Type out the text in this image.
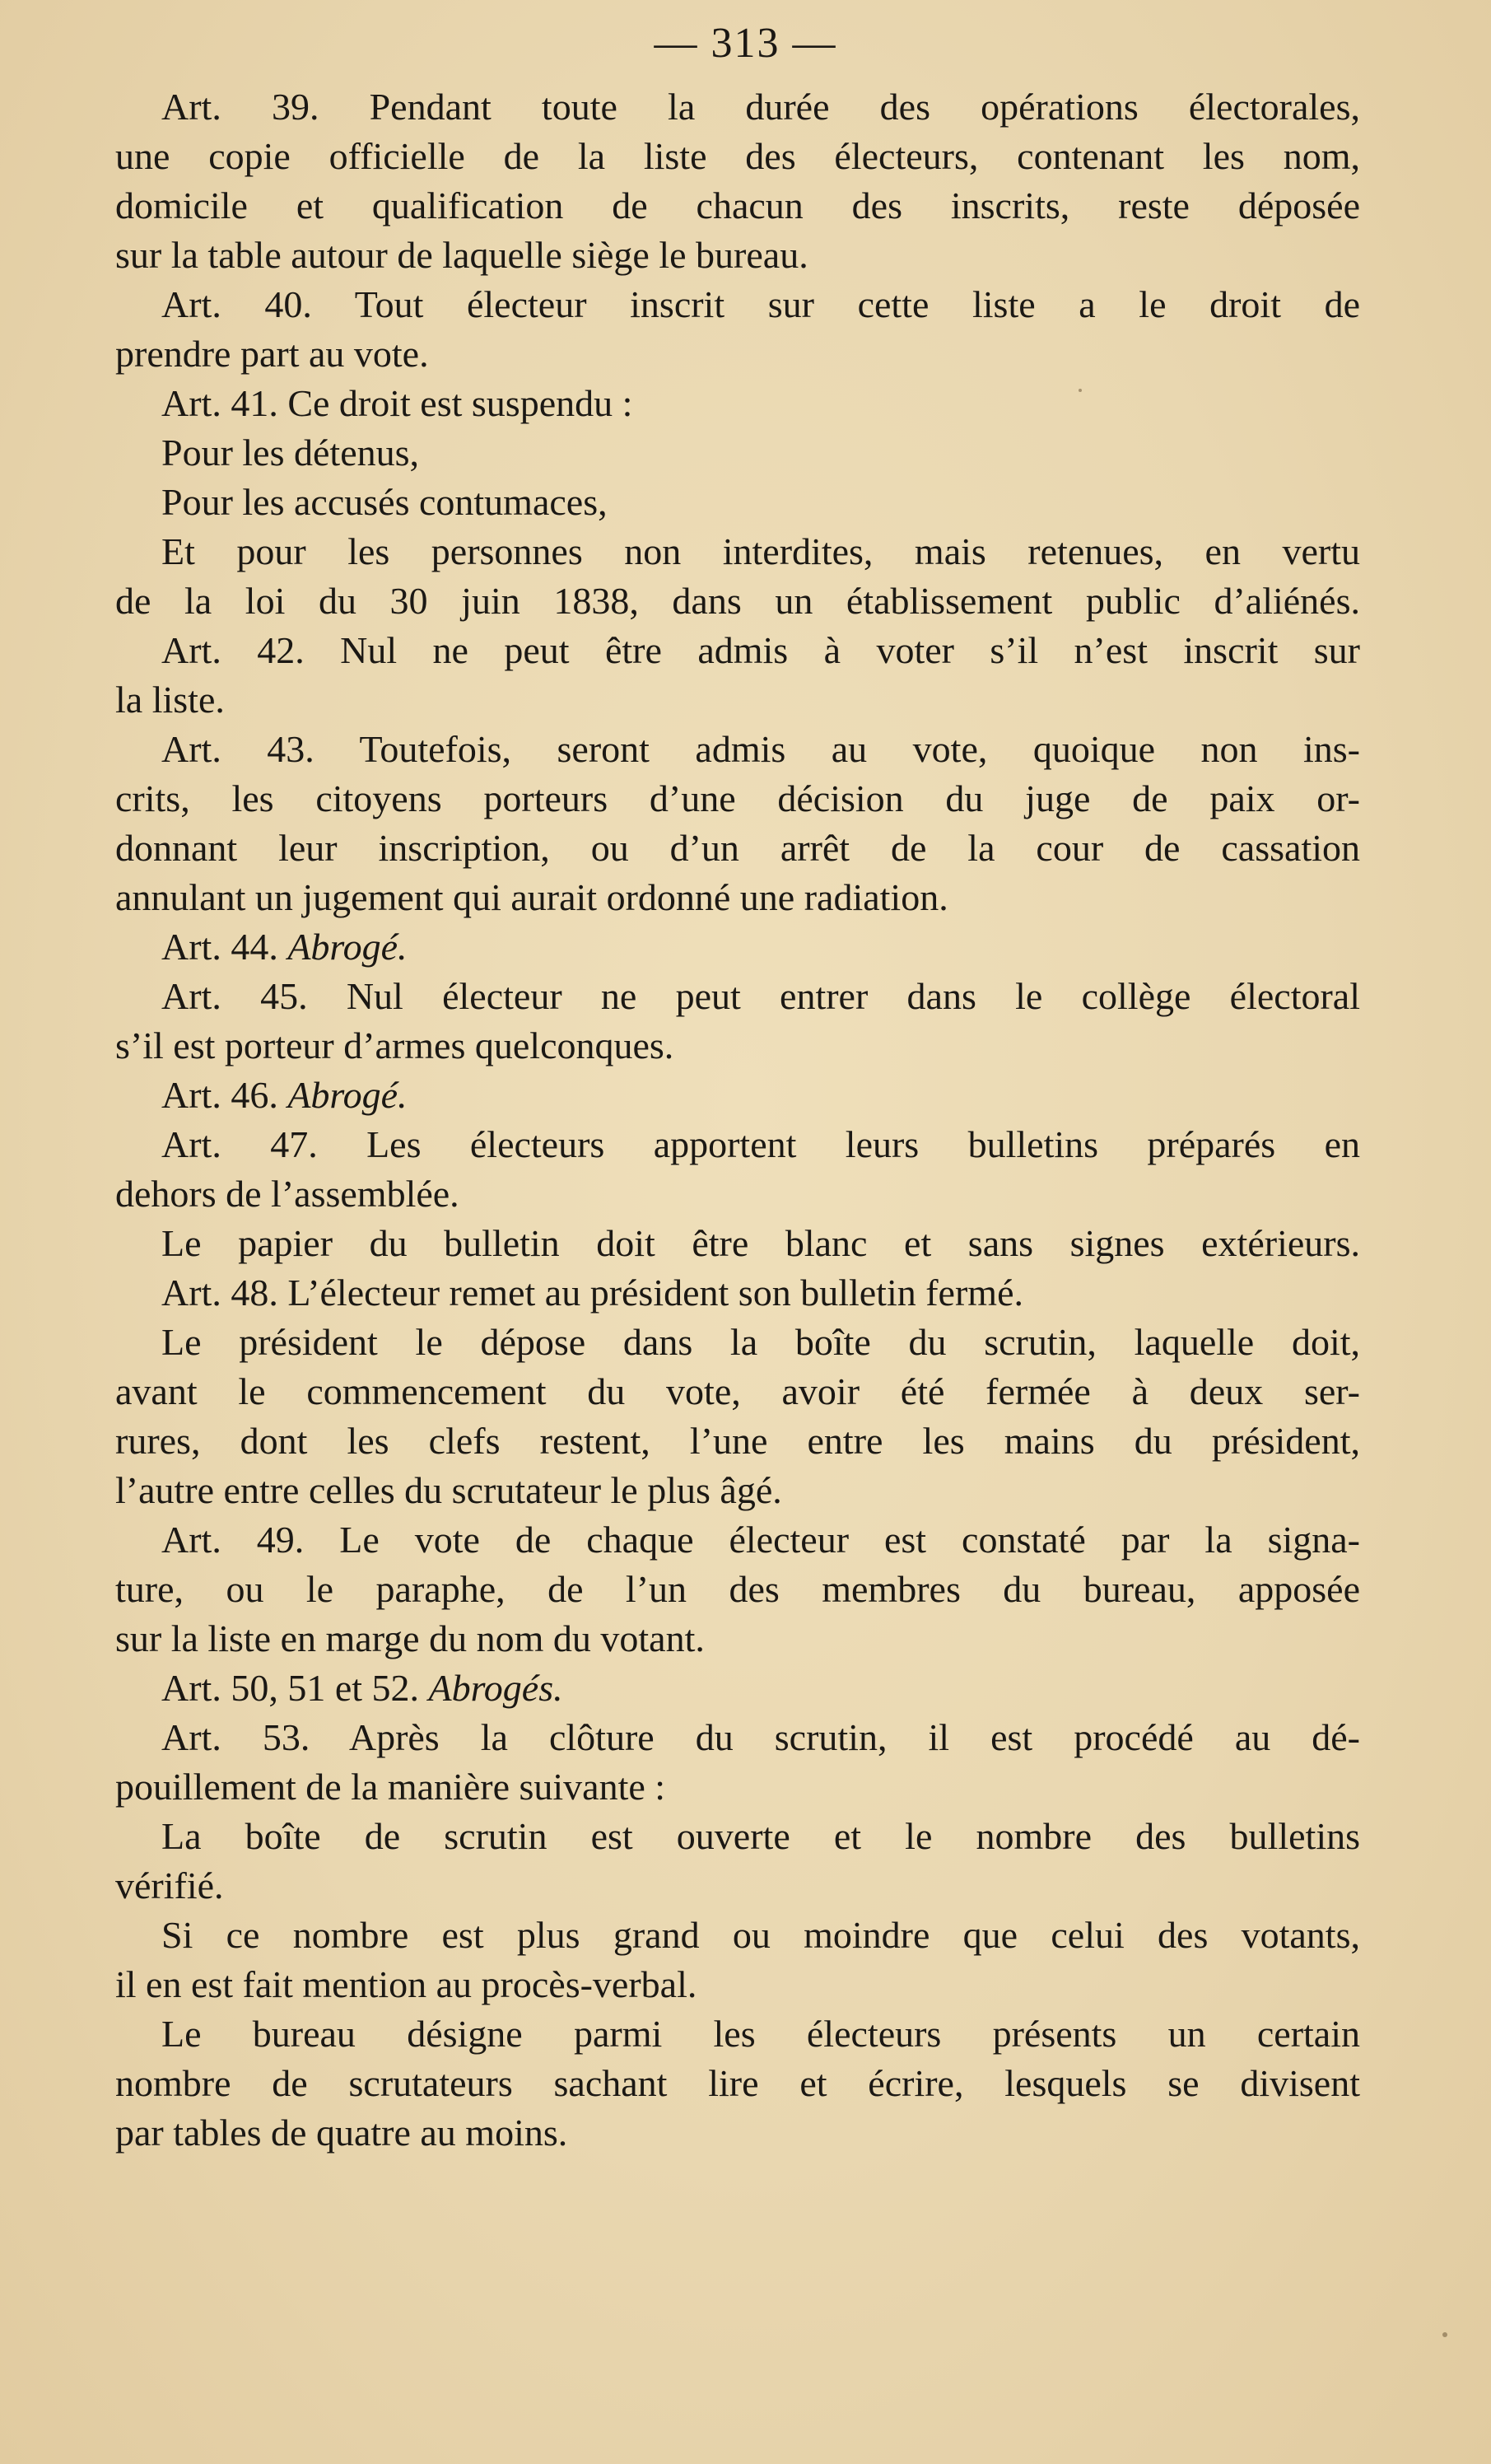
— 313 —
Art. 39. Pendant toute la durée des opérations électorales,
une copie officielle de la liste des électeurs, contenant les nom,
domicile et qualification de chacun des inscrits, reste déposée
sur la table autour de laquelle siège le bureau.
Art. 40. Tout électeur inscrit sur cette liste a le droit de
prendre part au vote.
Art. 41. Ce droit est suspendu :
Pour les détenus,
Pour les accusés contumaces,
Et pour les personnes non interdites, mais retenues, en vertu
de la loi du 30 juin 1838, dans un établissement public d’aliénés.
Art. 42. Nul ne peut être admis à voter s’il n’est inscrit sur
la liste.
Art. 43. Toutefois, seront admis au vote, quoique non ins-
crits, les citoyens porteurs d’une décision du juge de paix or-
donnant leur inscription, ou d’un arrêt de la cour de cassation
annulant un jugement qui aurait ordonné une radiation.
Art. 44. Abrogé.
Art. 45. Nul électeur ne peut entrer dans le collège électoral
s’il est porteur d’armes quelconques.
Art. 46. Abrogé.
Art. 47. Les électeurs apportent leurs bulletins préparés en
dehors de l’assemblée.
Le papier du bulletin doit être blanc et sans signes extérieurs.
Art. 48. L’électeur remet au président son bulletin fermé.
Le président le dépose dans la boîte du scrutin, laquelle doit,
avant le commencement du vote, avoir été fermée à deux ser-
rures, dont les clefs restent, l’une entre les mains du président,
l’autre entre celles du scrutateur le plus âgé.
Art. 49. Le vote de chaque électeur est constaté par la signa-
ture, ou le paraphe, de l’un des membres du bureau, apposée
sur la liste en marge du nom du votant.
Art. 50, 51 et 52. Abrogés.
Art. 53. Après la clôture du scrutin, il est procédé au dé-
pouillement de la manière suivante :
La boîte de scrutin est ouverte et le nombre des bulletins
vérifié.
Si ce nombre est plus grand ou moindre que celui des votants,
il en est fait mention au procès-verbal.
Le bureau désigne parmi les électeurs présents un certain
nombre de scrutateurs sachant lire et écrire, lesquels se divisent
par tables de quatre au moins.
